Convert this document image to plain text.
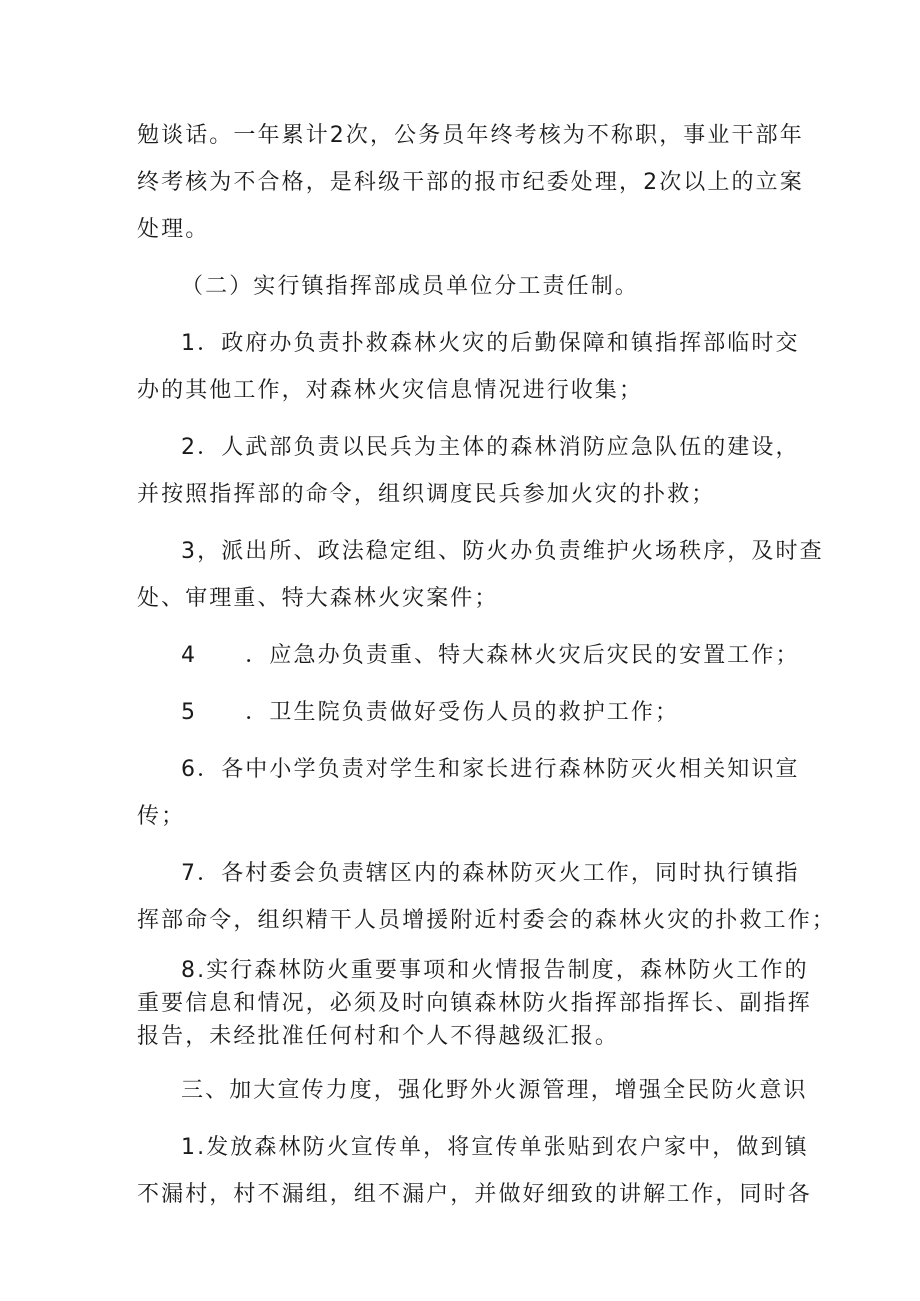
勉谈话。一年累计2次，公务员年终考核为不称职，事业干部年
终考核为不合格，是科级干部的报市纪委处理，2次以上的立案
处理。
（二）实行镇指挥部成员单位分工责任制。
1．政府办负责扑救森林火灾的后勤保障和镇指挥部临时交
办的其他工作，对森林火灾信息情况进行收集；
2．人武部负责以民兵为主体的森林消防应急队伍的建设，
并按照指挥部的命令，组织调度民兵参加火灾的扑救；
3，派出所、政法稳定组、防火办负责维护火场秩序，及时查
处、审理重、特大森林火灾案件；
4　　．应急办负责重、特大森林火灾后灾民的安置工作；
5　　．卫生院负责做好受伤人员的救护工作；
6．各中小学负责对学生和家长进行森林防灭火相关知识宣
传；
7．各村委会负责辖区内的森林防灭火工作，同时执行镇指
挥部命令，组织精干人员增援附近村委会的森林火灾的扑救工作；
8.实行森林防火重要事项和火情报告制度，森林防火工作的
重要信息和情况，必须及时向镇森林防火指挥部指挥长、副指挥
报告，未经批准任何村和个人不得越级汇报。
三、加大宣传力度，强化野外火源管理，增强全民防火意识
1.发放森林防火宣传单，将宣传单张贴到农户家中，做到镇
不漏村，村不漏组，组不漏户，并做好细致的讲解工作，同时各
